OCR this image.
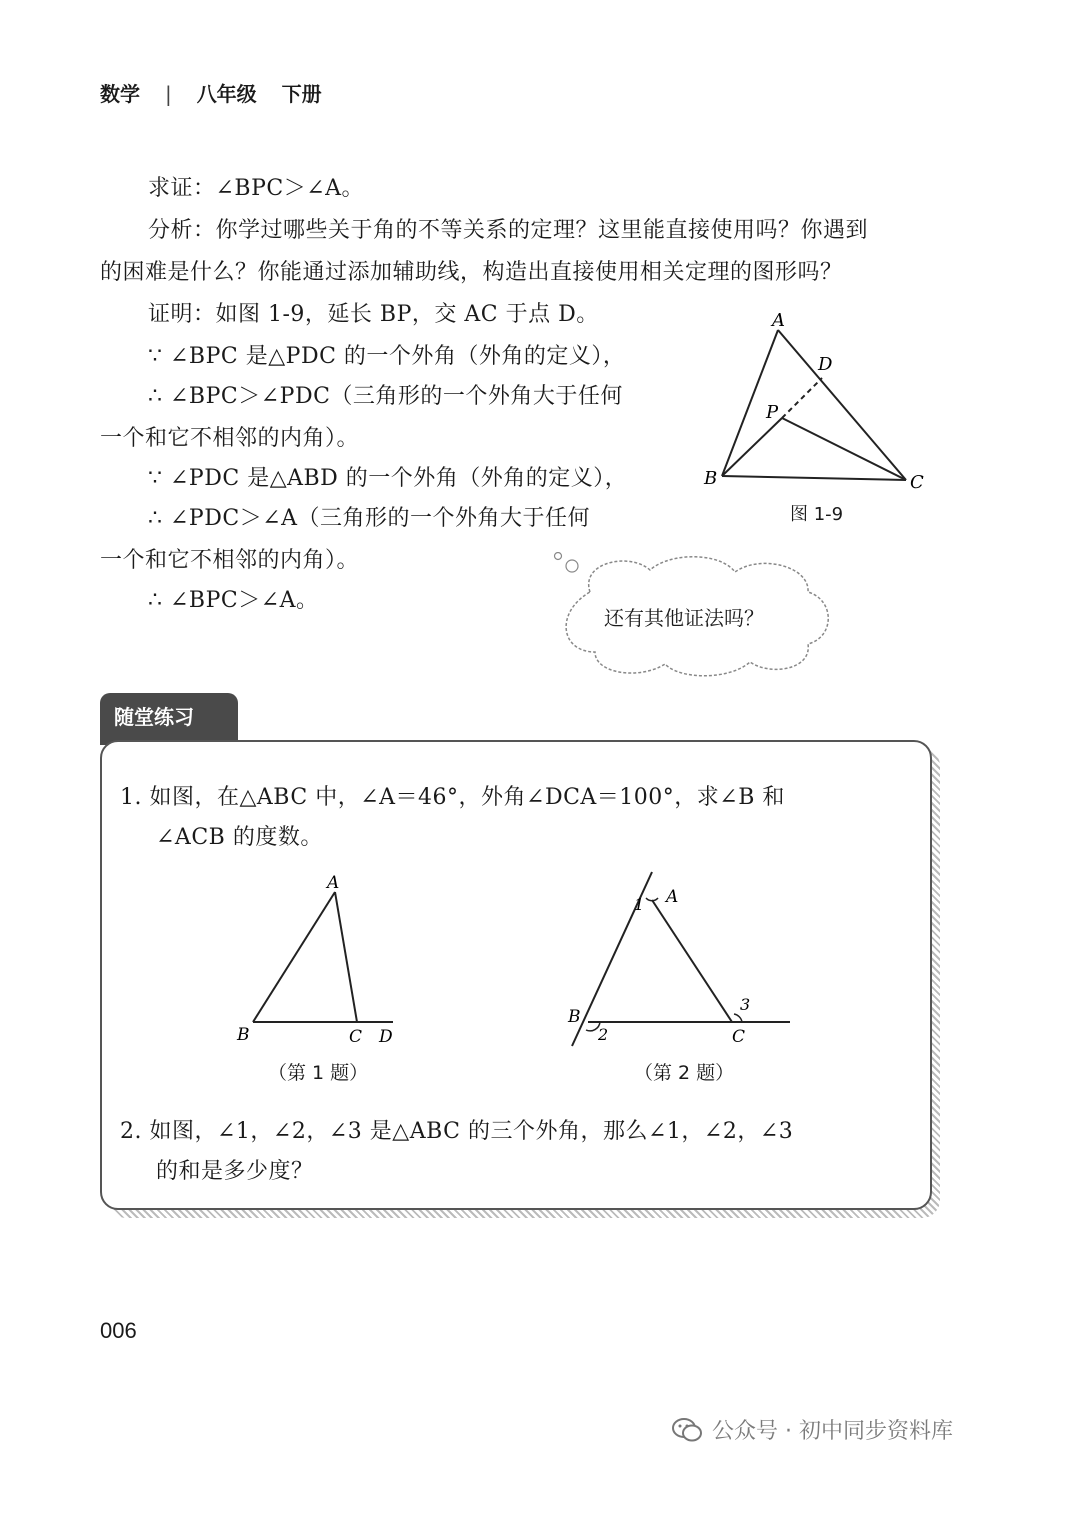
数学 | 八年级 下册
求证：∠BPC＞∠A。
分析：你学过哪些关于角的不等关系的定理？这里能直接使用吗？你遇到
的困难是什么？你能通过添加辅助线，构造出直接使用相关定理的图形吗？
证明：如图 1-9，延长 BP，交 AC 于点 D。
∵ ∠BPC 是△PDC 的一个外角（外角的定义），
∴ ∠BPC＞∠PDC（三角形的一个外角大于任何
一个和它不相邻的内角）。
∵ ∠PDC 是△ABD 的一个外角（外角的定义），
∴ ∠PDC＞∠A（三角形的一个外角大于任何
一个和它不相邻的内角）。
∴ ∠BPC＞∠A。
A
B	C
D
P
图 1-9
还有其他证法吗？
随堂练习
1. 如图，在△ABC 中，∠A＝46°，外角∠DCA＝100°，求∠B 和
∠ACB 的度数。
A
B	C D
（第 1 题）
A
B
C
1
2
3
（第 2 题）
2. 如图，∠1，∠2，∠3 是△ABC 的三个外角，那么∠1，∠2，∠3
的和是多少度？
006
公众号 · 初中同步资料库
